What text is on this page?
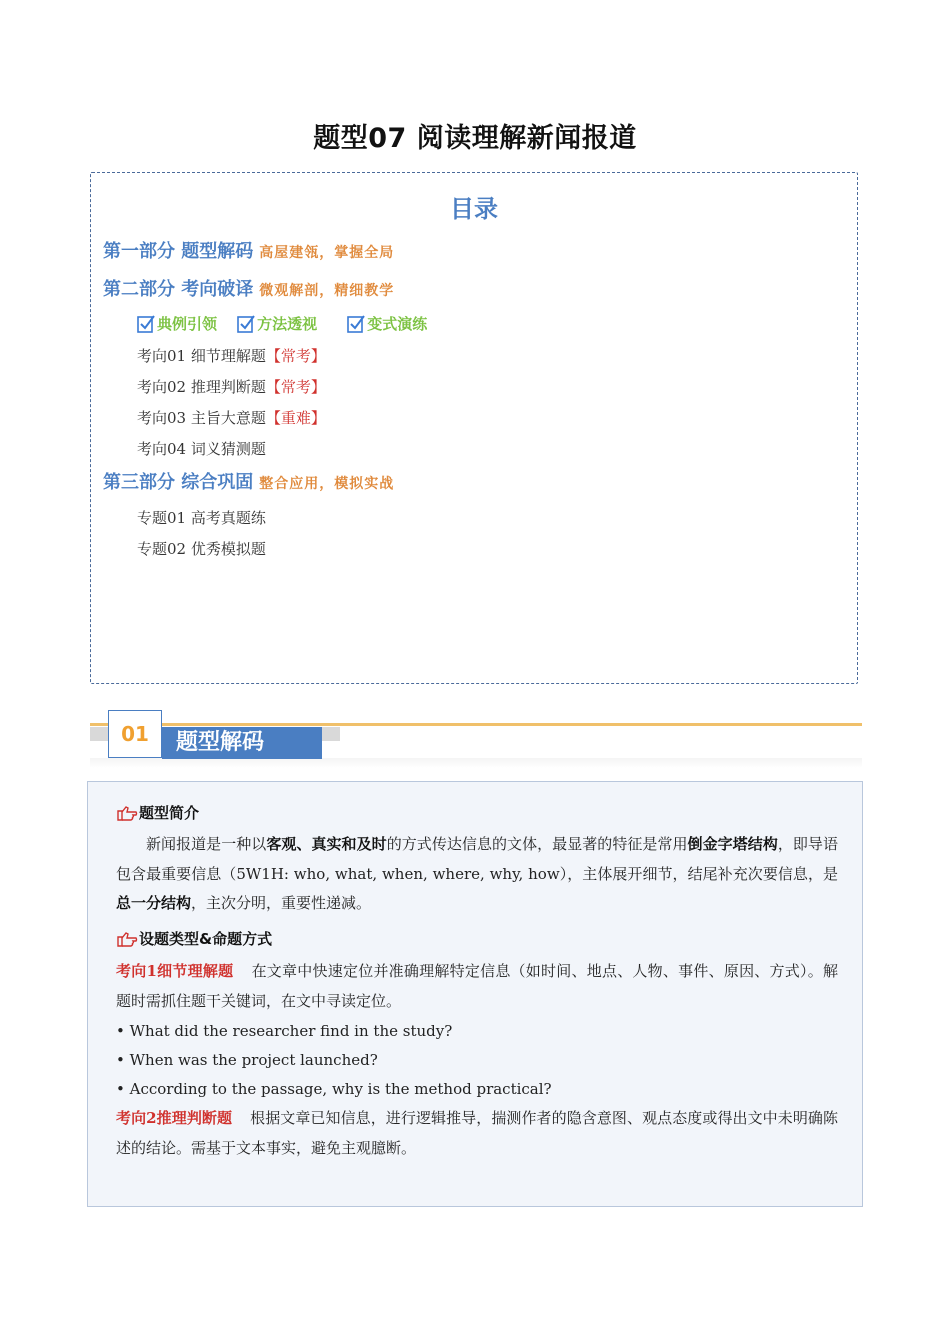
题型07 阅读理解新闻报道
目录
第一部分 题型解码 高屋建瓴，掌握全局
第二部分 考向破译 微观解剖，精细教学
典例引领
	方法透视
	变式演练
考向01 细节理解题【常考】
考向02 推理判断题【常考】
考向03 主旨大意题【重难】
考向04 词义猜测题
第三部分 综合巩固 整合应用，模拟实战
专题01 高考真题练
专题02 优秀模拟题
01	题型解码
题型简介
新闻报道是一种以客观、真实和及时的方式传达信息的文体，最显著的特征是常用倒金字塔结构，即导语包含最重要信息（5W1H: who, what, when, where, why, how），主体展开细节，结尾补充次要信息，是总一分结构，主次分明，重要性递减。
设题类型&命题方式
考向1细节理解题 在文章中快速定位并准确理解特定信息（如时间、地点、人物、事件、原因、方式）。解题时需抓住题干关键词，在文中寻读定位。
• What did the researcher find in the study?
• When was the project launched?
• According to the passage, why is the method practical?
考向2推理判断题 根据文章已知信息，进行逻辑推导，揣测作者的隐含意图、观点态度或得出文中未明确陈述的结论。需基于文本事实，避免主观臆断。
